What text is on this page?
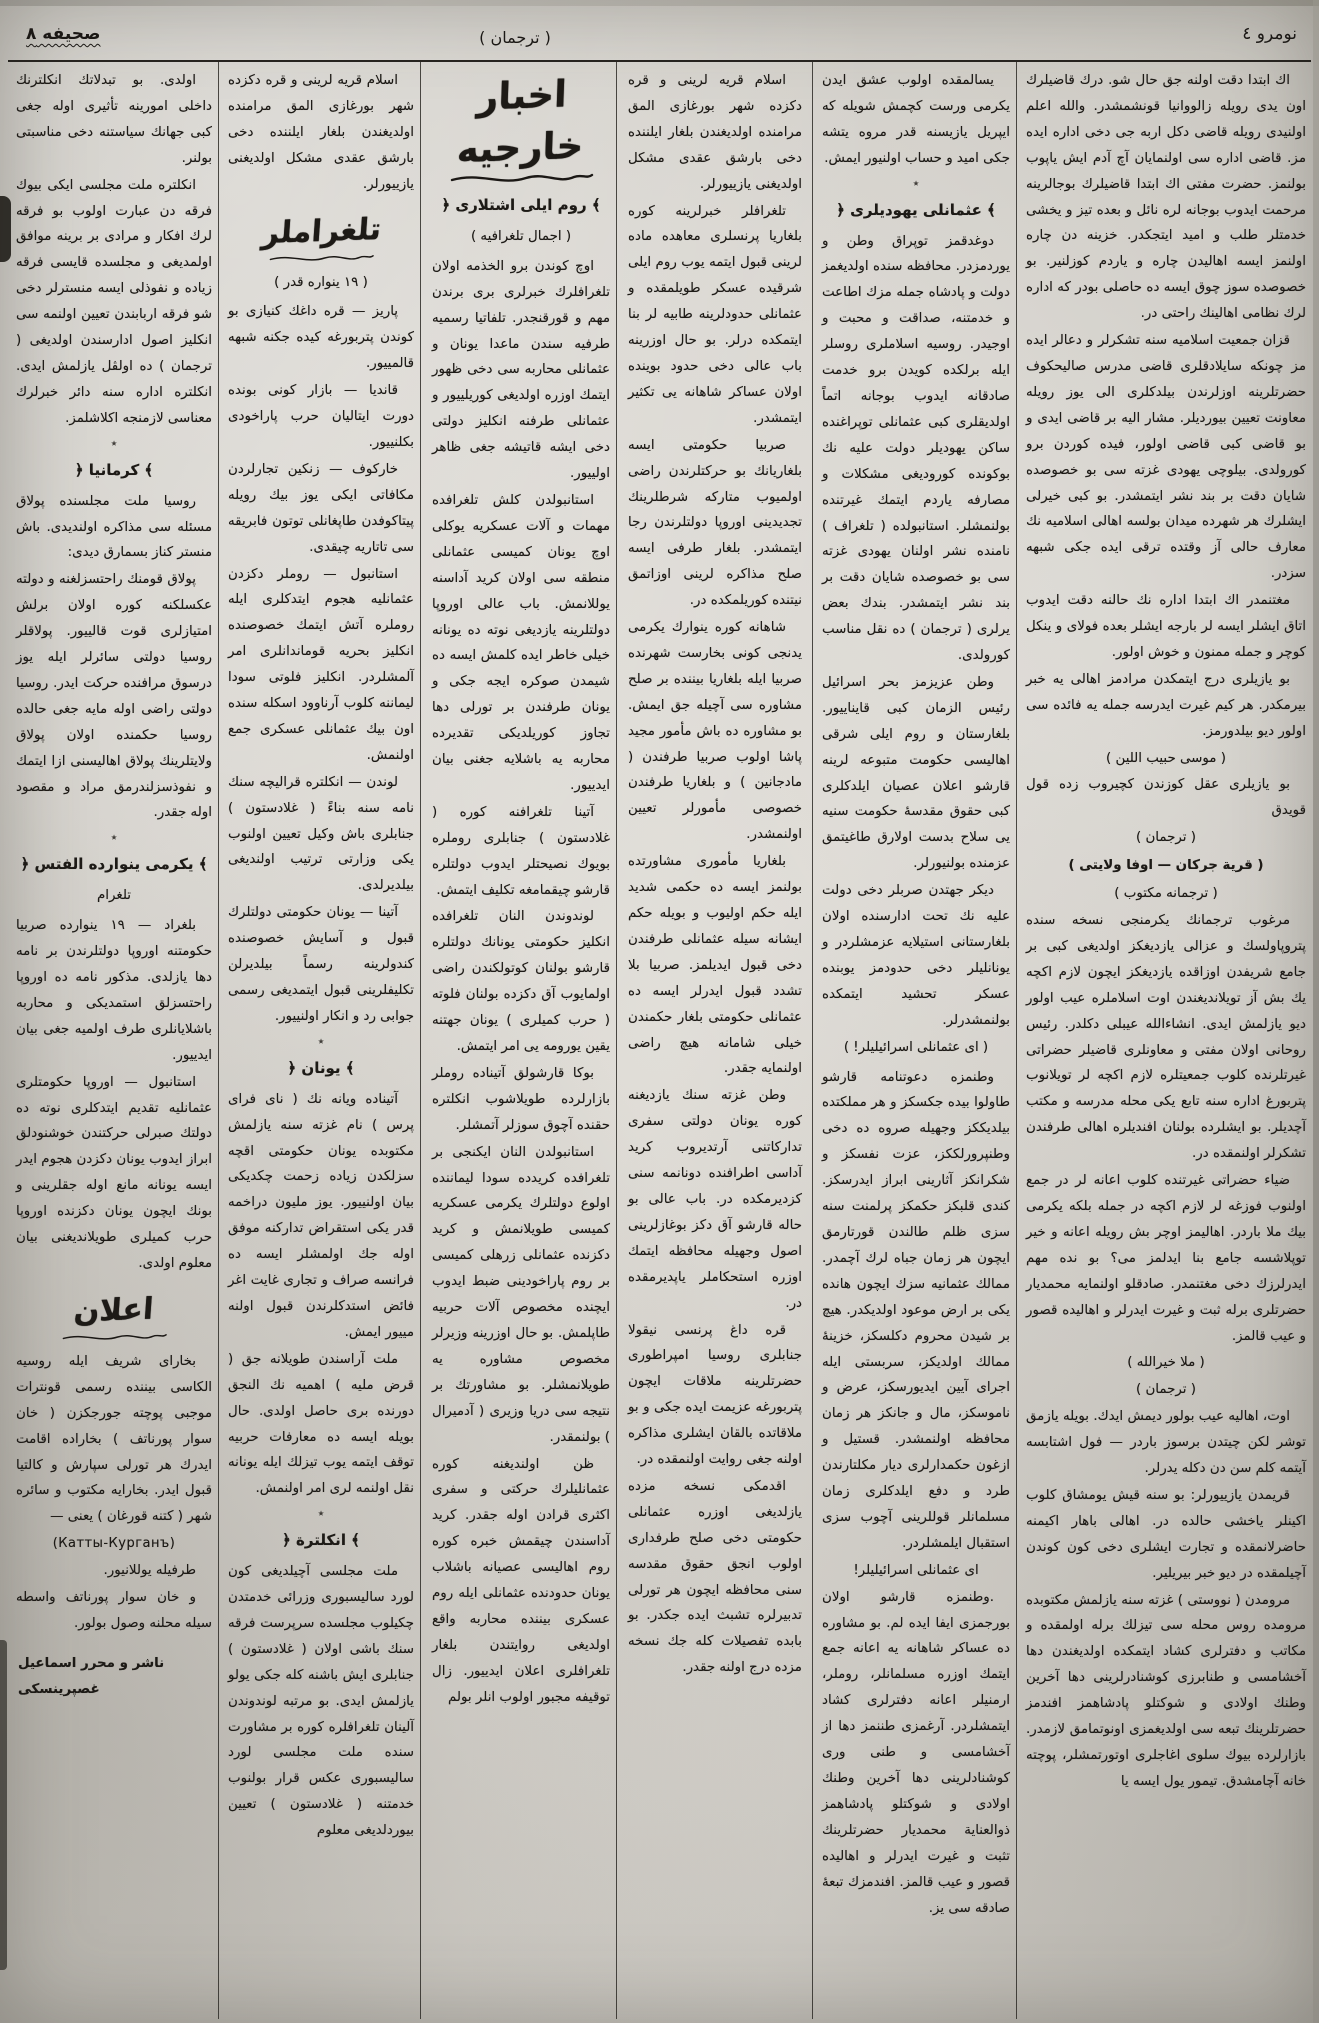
صحيفه ٨	( ترجمان )	نومرو ٤

اك ابتدا دقت اولنه جق حال شو. درك قاضيلرك اون يدى رويله زالووانيا قونشمشدر. والله اعلم اولنيدى رويله قاضى دكل اربه جى دخى اداره ايده مز. قاضى اداره سى اولنمايان آچ آدم ايش ياپوب بولنمز. حضرت مفتى اك ابتدا قاضيلرك بوجالرينه مرحمت ايدوب بوجانه لره نائل و بعده تيز و يخشى خدمتلر طلب و اميد ايتجكدر. خزينه دن چاره اولنمز ايسه اهاليدن چاره و ياردم كوزلنير. بو خصوصده سوز چوق ايسه ده حاصلى بودر كه اداره لرك نظامى اهالينك راحتى در.

قزان جمعيت اسلاميه سنه تشكرلر و دعالر ايده مز چونكه سايلادقلرى قاضى مدرس صاليحكوف حضرتلرينه اوزلرندن بيلدكلرى الى يوز رويله معاونت تعيين بيورديلر. مشار اليه بر قاضى ايدى و بو قاضى كبى قاضى اولور، فيده كوردن برو كورولدى. بيلوچى يهودى غزته سى بو خصوصده شايان دقت بر بند نشر ايتمشدر. بو كبى خيرلى ايشلرك هر شهرده ميدان بولسه اهالى اسلاميه نك معارف حالى آز وقتده ترقى ايده جكى شبهه سزدر.

مغتنمدر اك ابتدا اداره نك حالنه دقت ايدوب اتاق ايشلر ايسه لر بارجه ايشلر بعده فولاى و ينكل كوچر و جمله ممنون و خوش اولور.

بو يازيلرى درج ايتمكدن مرادمز اهالى يه خبر بيرمكدر. هر كيم غيرت ايدرسه جمله يه فائده سى اولور ديو بيلدورمز.

( موسى حبيب اللين )

بو يازيلرى عقل كوزندن كچيروب زده قول قويدق

( ترجمان )
( قرية جركان — اوفا ولايتى )
( ترجمانه مكتوب )

مرغوب ترجمانك يكرمنجى نسخه سنده پتروپاولسك و عزالى يازديغكز اولديغى كبى بر جامع شريفدن اوزاقده يازديغكز ايچون لازم اكچه يك بش آز تويلانديغندن اوت اسلاملره عيب اولور ديو يازلمش ايدى. انشاءالله عيبلى دكلدر. رئيس روحانى اولان مفتى و معاونلرى قاضيلر حضراتى غيرتلرنده كلوب جمعيتلره لازم اكچه لر تويلانوب پتربورغ اداره سنه تابع يكى محله مدرسه و مكتب آچديلر. بو ايشلرده بولنان افنديلره اهالى طرفندن تشكرلر اولنمقده در.

ضياء حضراتى غيرتنده كلوب اعانه لر در جمع اولنوب فوزغه لر لازم اكچه در جمله بلكه يكرمى بيك ملا باردر. اهاليمز اوچر بش رويله اعانه و خير توپلاشسه جامع بنا ايدلمز مى؟ بو نده مهم ايدرلرزك دخى مغتنمدر. صادقلو اولنمايه محمديار حضرتلرى برله ثبت و غيرت ايدرلر و اهاليده قصور و عيب قالمز.

( ملا خيرالله )
( ترجمان )

اوت، اهاليه عيب بولور ديمش ايدك. بويله يازمق توشر لكن چيتدن برسوز باردر — فول اشتابسه آيتمه كلم سن دن دكله يدرلر.

قريمدن يازييورلر: بو سنه قيش يومشاق كلوب اكينلر ياخشى حالده در. اهالى باهار اكيمنه حاضرلانمقده و تجارت ايشلرى دخى كون كوندن آچيلمقده در ديو خبر بيريلير.

مرومدن ( نووستى ) غزته سنه يازلمش مكتوبده مرومده روس محله سى تيزلك برله اولمقده و مكاتب و دفترلرى كشاد ايتمكده اولديغندن دها آخشامسى و طنابرزى كوشنادرلرينى دها آخرين وطنك اولادى و شوكتلو پادشاهمز افندمز حضرتلرينك تبعه سى اولديغمزى اونوتمامق لازمدر. بازارلرده بيوك سلوى اغاجلرى اوتورتمشلر، پوچته خانه آچامشدق. تيمور يول ايسه يا

يسالمقده اولوب عشق ايدن يكرمى ورست كچمش شويله كه ايپريل يازيسنه قدر مروه يتشه جكى اميد و حساب اولنيور ايمش.

٭
﴾ عثمانلى يهوديلرى ﴿

دوغدقمز توپراق وطن و يوردمزدر. محافظه سنده اولديغمز دولت و پادشاه جمله مزك اطاعت و خدمتنه، صداقت و محبت و اوجيدر. روسيه اسلاملرى روسلر ايله برلكده كويدن برو خدمت صادقانه ايدوب بوجانه اتماً اولديقلرى كبى عثمانلى توپراغنده ساكن يهوديلر دولت عليه نك بوكونده كوروديغى مشكلات و مصارفه ياردم ايتمك غيرتنده بولنمشلر. استانبولده ( تلغراف ) نامنده نشر اولنان يهودى غزته سى بو خصوصده شايان دقت بر بند نشر ايتمشدر. بندك بعض يرلرى ( ترجمان ) ده نقل مناسب كورولدى.

وطن عزيزمز بحر اسرائيل رئيس الزمان كبى قايناييور. بلغارستان و روم ايلى شرقى اهاليسى حكومت متبوعه لرينه قارشو اعلان عصيان ايلدكلرى كبى حقوق مقدسهٔ حكومت سنيه يى سلاح بدست اولارق طاغيتمق عزمنده بولنيورلر.

ديكر جهتدن صربلر دخى دولت عليه نك تحت ادارسنده اولان بلغارستانى استيلايه عزمشلردر و يونانليلر دخى حدودمز يوبنده عسكر تحشيد ايتمكده بولنمشدرلر.

( اى عثمانلى اسرائيليلر! )

وطنمزه دعوتنامه قارشو طاولوا بيده جكسكز و هر مملكتده بيلديككز وجهيله صروه ده دخى وطنپرورلككز، عزت نفسكز و شكرانكز آثارينى ابراز ايدرسكز. كندى قلبكز حكمكز پرلمنت سنه سزى ظلم طالندن قورتارمق ايچون هر زمان جباه لرك آچمدر. ممالك عثمانيه سزك ايچون هانده يكى بر ارض موعود اولديكدر. هيچ بر شيدن محروم دكلسكز، خزينهٔ ممالك اولديكز، سربستى ايله اجراى آيين ايديورسكز، عرض و ناموسكز، مال و جانكز هر زمان محافظه اولنمشدر. قستيل و ازغون حكمدارلرى ديار مكلتارندن طرد و دفع ايلدكلرى زمان مسلمانلر قوللرينى آچوب سزى استقبال ايلمشلردر.

اى عثمانلى اسرائيليلر!

.وطنمزه قارشو اولان بورجمزى ايفا ايده لم. بو مشاوره ده عساكر شاهانه يه اعانه جمع ايتمك اوزره مسلمانلر، روملر، ارمنيلر اعانه دفترلرى كشاد ايتمشلردر. آرغمزى طننمز دها از آخشامسى و طنى ورى كوشنادلرينى دها آخرين وطنك اولادى و شوكتلو پادشاهمز ذوالعناية محمديار حضرتلرينك تثبت و غيرت ايدرلر و اهاليده قصور و عيب قالمز. افندمزك تبعهٔ صادقه سى يز.

اسلام قريه لرينى و قره دكزده شهر بورغازى المق مرامنده اولديغندن بلغار ايلننده دخى بارشق عقدى مشكل اولديغنى يازييورلر.

تلغرافلر خبرلرينه كوره بلغاريا پرنسلرى معاهده ماده لرينى قبول ايتمه يوب روم ايلى شرقيده عسكر طويلمقده و عثمانلى حدودلرينه طابيه لر بنا ايتمكده درلر. بو حال اوزرينه باب عالى دخى حدود بوينده اولان عساكر شاهانه يى تكثير ايتمشدر.

صربيا حكومتى ايسه بلغاريانك بو حركتلرندن راضى اولميوب متاركه شرطلرينك تجديدينى اوروپا دولتلرندن رجا ايتمشدر. بلغار طرفى ايسه صلح مذاكره لرينى اوزاتمق نيتنده كوريلمكده در.

شاهانه كوره ينوارك يكرمى يدنجى كونى بخارست شهرنده صربيا ايله بلغاريا بيننده بر صلح مشاوره سى آچيله جق ايمش. بو مشاوره ده باش مأمور مجيد پاشا اولوب صربيا طرفندن ( مادجانين ) و بلغاريا طرفندن خصوصى مأمورلر تعيين اولنمشدر.

بلغاريا مأمورى مشاورتده بولنمز ايسه ده حكمى شديد ايله حكم اوليوب و بويله حكم ايشانه سيله عثمانلى طرفندن دخى قبول ايديلمز. صربيا بلا تشدد قبول ايدرلر ايسه ده عثمانلى حكومتى بلغار حكمندن خيلى شامانه هيچ راضى اولنمايه جقدر.

وطن غزته سنك يازديغنه كوره يونان دولتى سفرى تداركاتنى آرتديروب كريد آداسى اطرافنده دونانمه سنى كزديرمكده در. باب عالى بو حاله قارشو آق دكز بوغازلرينى اصول وجهيله محافظه ايتمك اوزره استحكاملر ياپديرمقده در.

قره داغ پرنسى نيقولا جنابلرى روسيا امپراطورى حضرتلرينه ملاقات ايچون پتربورغه عزيمت ايده جكى و بو ملاقاتده بالقان ايشلرى مذاكره اولنه جغى روايت اولنمقده در.

اقدمكى نسخه مزده يازلديغى اوزره عثمانلى حكومتى دخى صلح طرفدارى اولوب انجق حقوق مقدسه سنى محافظه ايچون هر تورلى تدبيرلره تشبث ايده جكدر. بو بابده تفصيلات كله جك نسخه مزده درج اولنه جقدر.

اخبار خارجيه
﴾ روم ايلى اشتلارى ﴿
( اجمال تلغرافيه )

اوچ كوندن برو الخذمه اولان تلغرافلرك خبرلرى برى برندن مهم و قورقنجدر. تلفاتيا رسميه طرفيه سندن ماعدا يونان و عثمانلى محاربه سى دخى ظهور ايتمك اوزره اولديغى كوريلييور و عثمانلى طرفنه انكليز دولتى دخى ايشه قاتيشه جغى ظاهر اولييور.

استانبولدن كلش تلغرافده مهمات و آلات عسكريه يوكلى اوچ يونان كميسى عثمانلى منطقه سى اولان كريد آداسنه يوللانمش. باب عالى اوروپا دولتلرينه يازديغى نوته ده يونانه خيلى خاطر ايده كلمش ايسه ده شيمدن صوكره ايجه جكى و يونان طرفندن بر تورلى دها تجاوز كوريلديكى تقديرده محاربه يه باشلايه جغنى بيان ايدييور.

آتينا تلغرافنه كوره ( غلادستون ) جنابلرى روملره بويوك نصيحتلر ايدوب دولتلره قارشو چيقمامغه تكليف ايتمش.

لوندوندن النان تلغرافده انكليز حكومتى يونانك دولتلره قارشو بولنان كوتولكندن راضى اولمايوب آق دكزده بولنان فلوته ( حرب كميلرى ) يونان جهتنه يقين يورومه يى امر ايتمش.

بوكا قارشولق آتيناده روملر بازارلرده طويلاشوب انكلتره حقنده آچوق سوزلر آتمشلر.

استانبولدن النان ايكنجى بر تلغرافده كريدده سودا ليماننده اولوع دولتلرك يكرمى عسكريه كميسى طويلانمش و كريد دكزنده عثمانلى زرهلى كميسى بر روم پاراخودينى ضبط ايدوب ايچنده مخصوص آلات حربيه طاپلمش. بو حال اوزرينه وزيرلر مخصوص مشاوره يه طويلانمشلر. بو مشاورتك بر نتيجه سى دريا وزيرى ( آدميرال ) بولنمقدر.

ظن اولنديغنه كوره عثمانليلرك حركتى و سفرى اكثرى قرادن اوله جقدر. كريد آداسندن چيقمش خبره كوره روم اهاليسى عصيانه باشلاب يونان حدودنده عثمانلى ايله روم عسكرى بيننده محاربه واقع اولديغى روايتندن بلغار تلغرافلرى اعلان ايدييور. زال توقيفه مجبور اولوب انلر بولم

اسلام قريه لرينى و قره دكزده شهر بورغازى المق مرامنده اولديغندن بلغار ايلننده دخى بارشق عقدى مشكل اولديغنى يازييورلر.

تلغراملر
( ١٩ ينواره قدر )

پاريز — قره داغك كنيازى بو كوندن پتربورغه كيده جكنه شبهه قالمييور.

قانديا — بازار كونى بونده دورت ايتاليان حرب پاراخودى بكلنييور.

خاركوف — زنكين تجارلردن مكافاتى ايكى يوز بيك رويله پيتاكوفدن طاپغانلى توتون فابريقه سى تاتاريه چيقدى.

استانبول — روملر دكزدن عثمانليه هجوم ايتدكلرى ايله روملره آتش ايتمك خصوصنده انكليز بحريه قوماندانلرى امر آلمشلردر. انكليز فلوتى سودا ليماننه كلوب آرناوود اسكله سنده اون بيك عثمانلى عسكرى جمع اولنمش.

لوندن — انكلتره قراليچه سنك نامه سنه بناءً ( غلادستون ) جنابلرى باش وكيل تعيين اولنوب يكى وزارتى ترتيب اولنديغى بيلديرلدى.

آتينا — يونان حكومتى دولتلرك قبول و آسايش خصوصنده كندولرينه رسماً بيلديرلن تكليفلرينى قبول ايتمديغى رسمى جوابى رد و انكار اولنييور.

٭
﴾ يونان ﴿

آتيناده ويانه نك ( ناى فراى پرس ) نام غزته سنه يازلمش مكتوبده يونان حكومتى اقچه سزلكدن زياده زحمت چكديكى بيان اولنييور. يوز مليون دراخمه قدر يكى استقراض تداركنه موفق اوله جك اولمشلر ايسه ده فرانسه صراف و تجارى غايت اغر فائض استدكلرندن قبول اولنه مييور ايمش.

ملت آراسندن طويلانه جق ( قرض مليه ) اهميه نك النجق دورنده برى حاصل اولدى. حال بويله ايسه ده معارفات حربيه توقف ايتمه يوب تيزلك ايله يونانه نقل اولنمه لرى امر اولنمش.

٭
﴾ انكلترة ﴿

ملت مجلسى آچيلديغى كون لورد ساليسبورى وزرائى خدمتدن چكيلوب مجلسده سرپرست فرقه سنك باشى اولان ( غلادستون ) جنابلرى ايش باشنه كله جكى يولو يازلمش ايدى. بو مرتبه لوندوندن آلينان تلغرافلره كوره بر مشاورت سنده ملت مجلسى لورد ساليسبورى عكس قرار بولنوب خدمتنه ( غلادستون ) تعيين بيوردلديغى معلوم

اولدى. بو تبدلاتك انكلترنك داخلى امورينه تأثيرى اوله جغى كبى جهانك سياستنه دخى مناسبتى بولنر.

انكلتره ملت مجلسى ايكى بيوك فرقه دن عبارت اولوب بو فرقه لرك افكار و مرادى بر برينه موافق اولمديغى و مجلسده قايسى فرقه زياده و نفوذلى ايسه منسترلر دخى شو فرقه اربابندن تعيين اولنمه سى انكليز اصول ادارسندن اولديغى ( ترجمان ) ده اولڤل يازلمش ايدى. انكلتره اداره سنه دائر خبرلرك معناسى لازمنجه اكلاشلمز.

٭
﴾ كرمانيا ﴿

روسيا ملت مجلسنده پولاق مسئله سى مذاكره اولنديدى. باش منستر كناز بسمارق ديدى:

پولاق قومنك راحتسزلغنه و دولته عكسلكنه كوره اولان برلش امتيازلرى قوت قالييور. پولاقلر روسيا دولتى سائرلر ايله يوز درسوق مرافنده حركت ايدر. روسيا دولتى راضى اوله مايه جغى حالده روسيا حكمنده اولان پولاق ولايتلرينك پولاق اهاليسنى ازا ايتمك و نفوذسزلندرمق مراد و مقصود اوله جقدر.

٭
﴾ يكرمى ينوارده الفتس ﴿
تلغرام

بلغراد — ١٩ ينوارده صربيا حكومتنه اوروپا دولتلرندن بر نامه دها يازلدى. مذكور نامه ده اوروپا راحتسزلق استمديكى و محاربه باشلايانلرى طرف اولميه جغى بيان ايدييور.

استانبول — اوروپا حكومتلرى عثمانليه تقديم ايتدكلرى نوته ده دولتك صبرلى حركتندن خوشنودلق ابراز ايدوب يونان دكزدن هجوم ايدر ايسه يونانه مانع اوله جقلرينى و بونك ايچون يونان دكزنده اوروپا حرب كميلرى طويلانديغنى بيان معلوم اولدى.

اعلان

بخاراى شريف ايله روسيه الكاسى بيننده رسمى قونترات موجبى پوچته جورجكزن ( خان سوار پورناتف ) بخاراده اقامت ايدرك هر تورلى سپارش و كالتيا قبول ايدر. بخارايه مكتوب و سائره شهر ( كتنه قورغان ) يعنى —

(Катты-Курганъ)

طرفيله يوللانيور.

و خان سوار پورناتف واسطه سيله محلنه وصول بولور.

ناشر و محرر اسماعيل غصپرينسكى
